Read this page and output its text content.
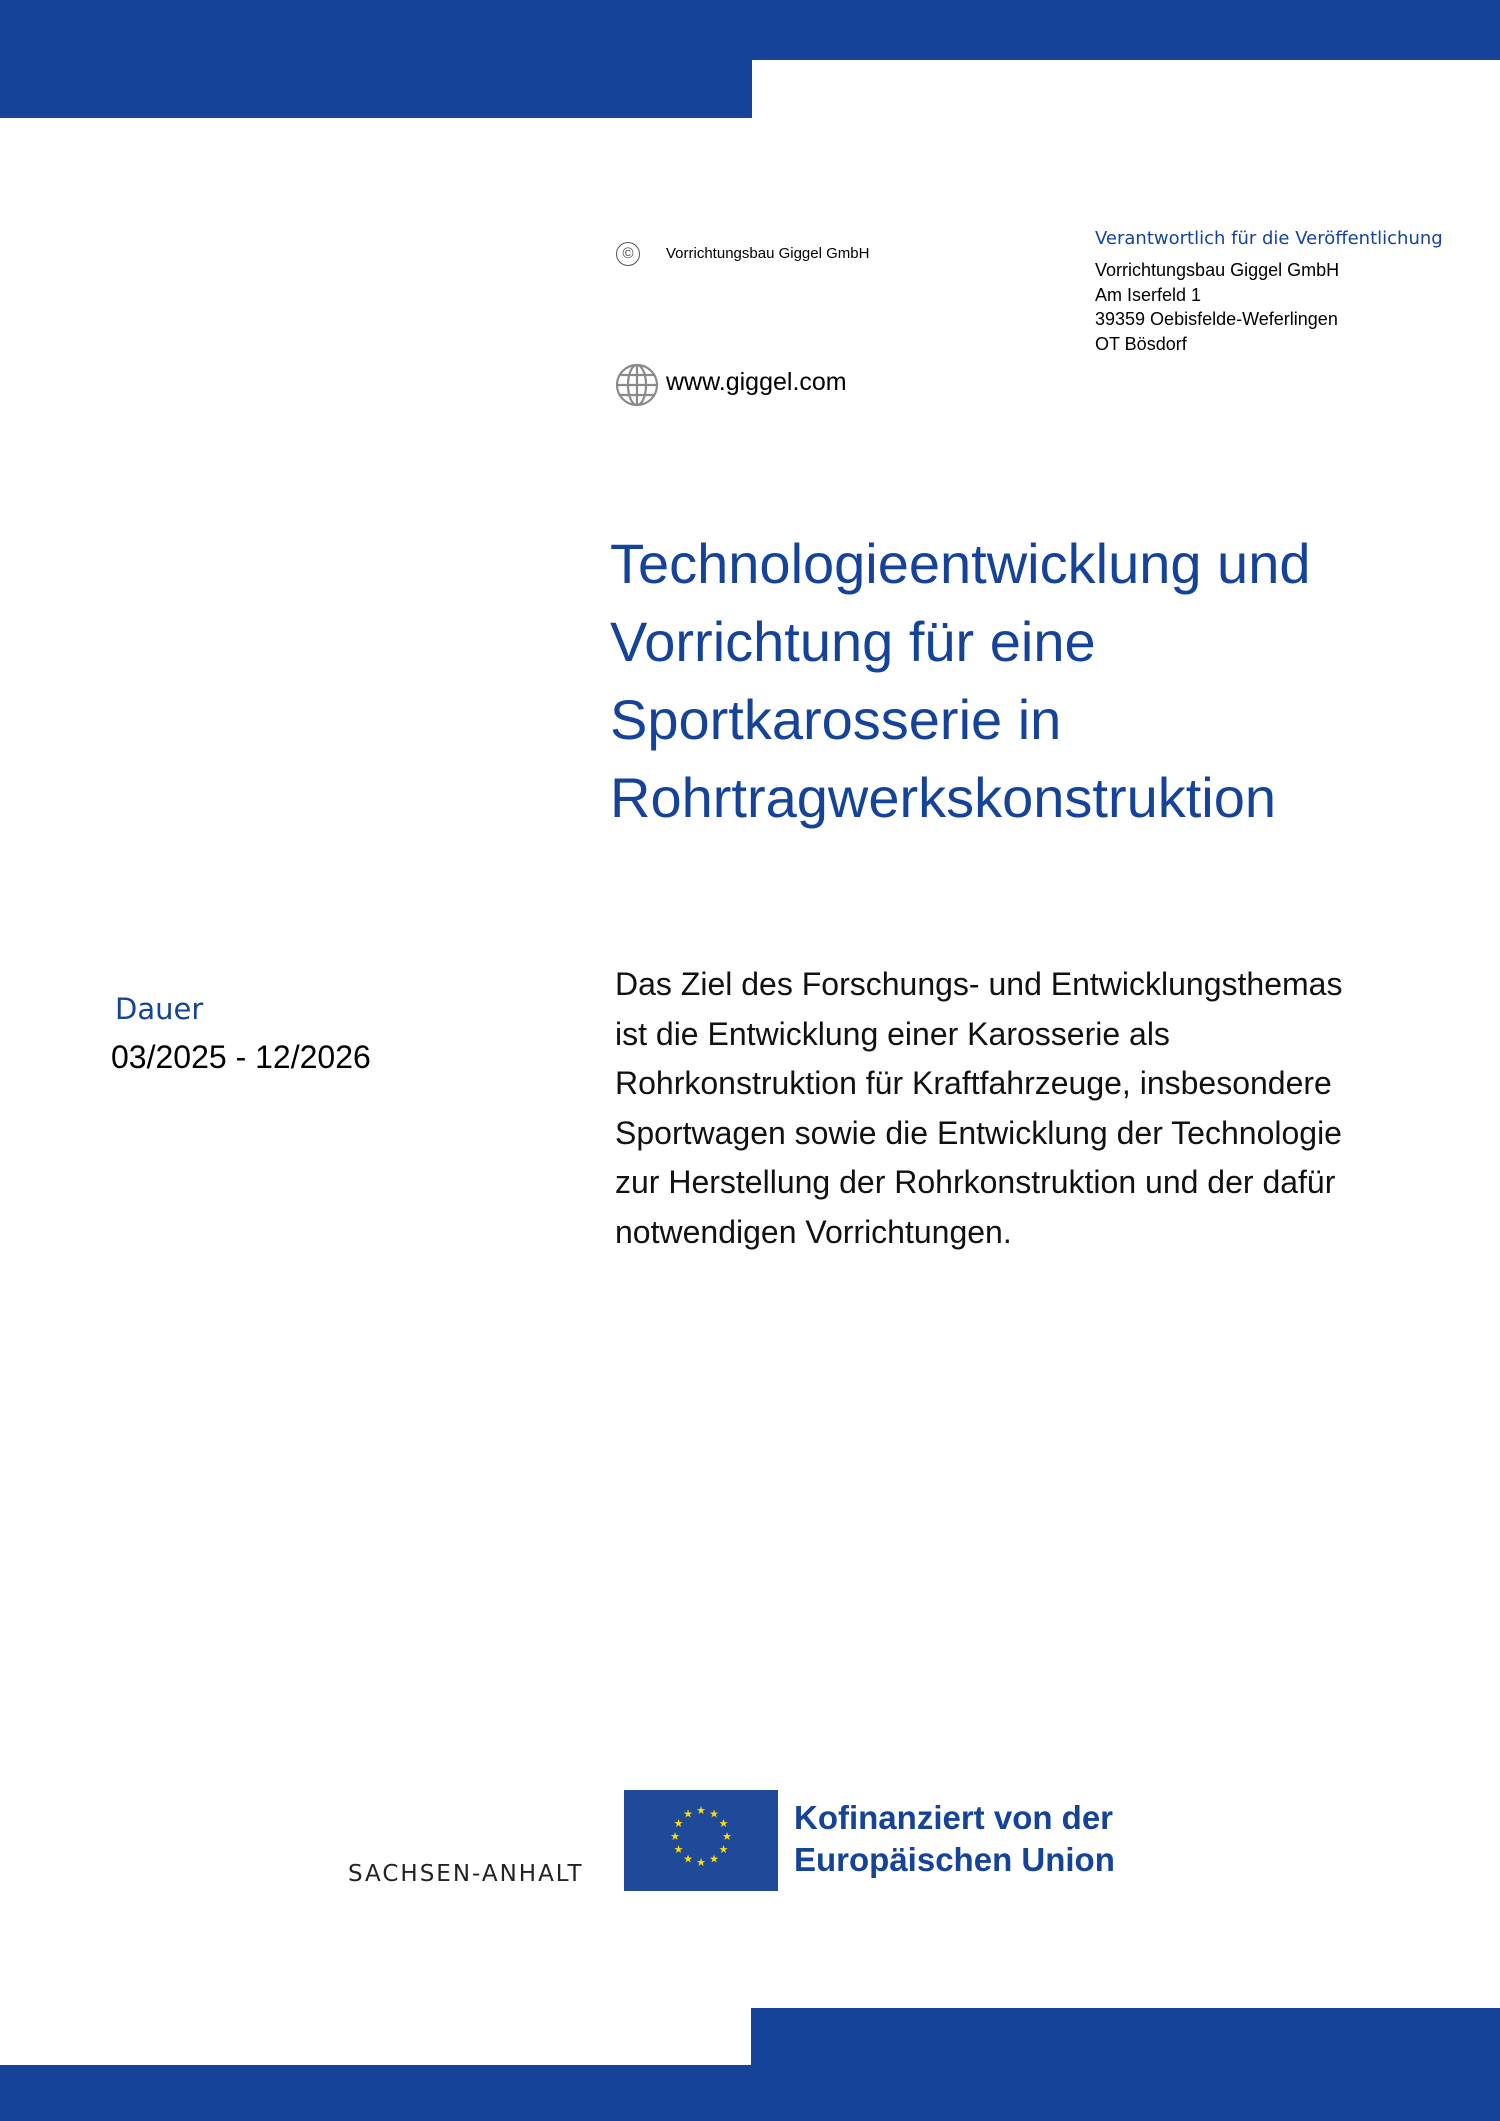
©	Vorrichtungsbau Giggel GmbH
www.giggel.com
Verantwortlich für die Veröffentlichung
Vorrichtungsbau Giggel GmbH
Am Iserfeld 1
39359 Oebisfelde-Weferlingen
OT Bösdorf
Technologieentwicklung und
Vorrichtung für eine
Sportkarosserie in
Rohrtragwerkskonstruktion
Dauer
03/2025 - 12/2026
Das Ziel des Forschungs- und Entwicklungsthemas
ist die Entwicklung einer Karosserie als
Rohrkonstruktion für Kraftfahrzeuge, insbesondere
Sportwagen sowie die Entwicklung der Technologie
zur Herstellung der Rohrkonstruktion und der dafür
notwendigen Vorrichtungen.
SACHSEN-ANHALT
★ ★
★
★
★
★
★
★
★
★
★
★	Kofinanziert von der
Europäischen Union
